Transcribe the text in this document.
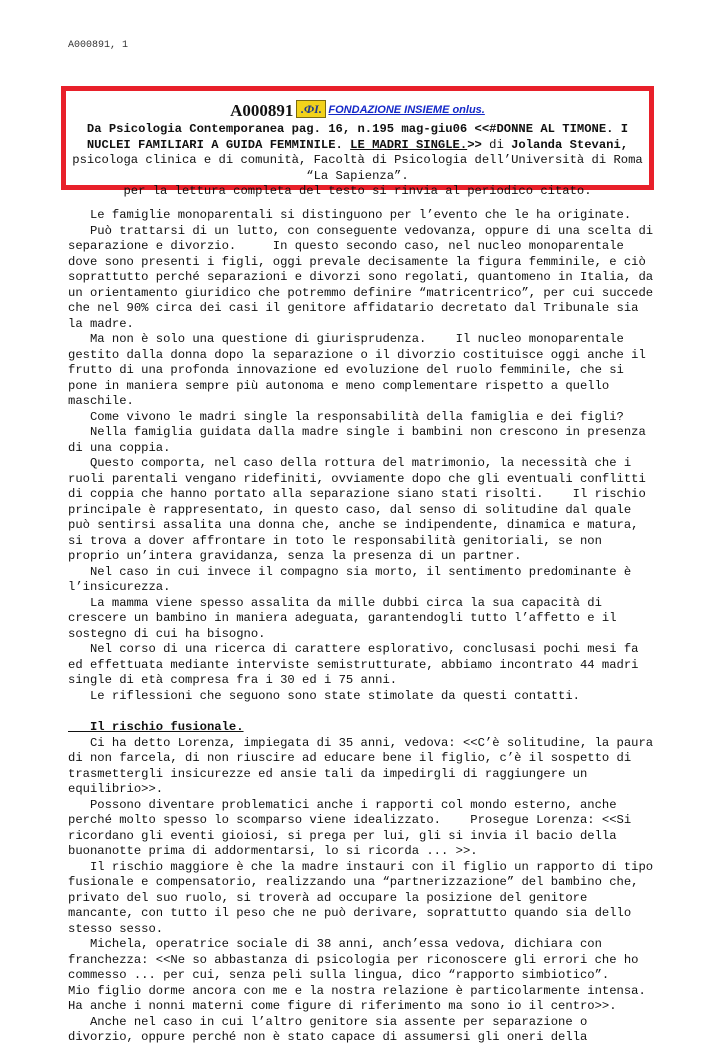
A000891, 1
A000891 .ФI. FONDAZIONE INSIEME onlus.
Da Psicologia Contemporanea pag. 16, n.195 mag-giu06 <<#DONNE AL TIMONE. I
NUCLEI FAMILIARI A GUIDA FEMMINILE. LE MADRI SINGLE.>> di Jolanda Stevani,
psicologa clinica e di comunità, Facoltà di Psicologia dell’Università di Roma
“La Sapienza”.
per la lettura completa del testo si rinvia al periodico citato.

Le famiglie monoparentali si distinguono per l’evento che le ha originate.
Può trattarsi di un lutto, con conseguente vedovanza, oppure di una scelta di
separazione e divorzio.     In questo secondo caso, nel nucleo monoparentale
dove sono presenti i figli, oggi prevale decisamente la figura femminile, e ciò
soprattutto perché separazioni e divorzi sono regolati, quantomeno in Italia, da
un orientamento giuridico che potremmo definire “matricentrico”, per cui succede
che nel 90% circa dei casi il genitore affidatario decretato dal Tribunale sia
la madre.

Ma non è solo una questione di giurisprudenza.    Il nucleo monoparentale
gestito dalla donna dopo la separazione o il divorzio costituisce oggi anche il
frutto di una profonda innovazione ed evoluzione del ruolo femminile, che si
pone in maniera sempre più autonoma e meno complementare rispetto a quello
maschile.

Come vivono le madri single la responsabilità della famiglia e dei figli?

Nella famiglia guidata dalla madre single i bambini non crescono in presenza
di una coppia.

Questo comporta, nel caso della rottura del matrimonio, la necessità che i
ruoli parentali vengano ridefiniti, ovviamente dopo che gli eventuali conflitti
di coppia che hanno portato alla separazione siano stati risolti.    Il rischio
principale è rappresentato, in questo caso, dal senso di solitudine dal quale
può sentirsi assalita una donna che, anche se indipendente, dinamica e matura,
si trova a dover affrontare in toto le responsabilità genitoriali, se non
proprio un’intera gravidanza, senza la presenza di un partner.

Nel caso in cui invece il compagno sia morto, il sentimento predominante è
l’insicurezza.

La mamma viene spesso assalita da mille dubbi circa la sua capacità di
crescere un bambino in maniera adeguata, garantendogli tutto l’affetto e il
sostegno di cui ha bisogno.

Nel corso di una ricerca di carattere esplorativo, conclusasi pochi mesi fa
ed effettuata mediante interviste semistrutturate, abbiamo incontrato 44 madri
single di età compresa fra i 30 ed i 75 anni.

Le riflessioni che seguono sono state stimolate da questi contatti.

Il rischio fusionale.

Ci ha detto Lorenza, impiegata di 35 anni, vedova: <<C’è solitudine, la paura
di non farcela, di non riuscire ad educare bene il figlio, c’è il sospetto di
trasmettergli insicurezze ed ansie tali da impedirgli di raggiungere un
equilibrio>>.

Possono diventare problematici anche i rapporti col mondo esterno, anche
perché molto spesso lo scomparso viene idealizzato.    Prosegue Lorenza: <<Si
ricordano gli eventi gioiosi, si prega per lui, gli si invia il bacio della
buonanotte prima di addormentarsi, lo si ricorda ... >>.

Il rischio maggiore è che la madre instauri con il figlio un rapporto di tipo
fusionale e compensatorio, realizzando una “partnerizzazione” del bambino che,
privato del suo ruolo, si troverà ad occupare la posizione del genitore
mancante, con tutto il peso che ne può derivare, soprattutto quando sia dello
stesso sesso.

Michela, operatrice sociale di 38 anni, anch’essa vedova, dichiara con
franchezza: <<Ne so abbastanza di psicologia per riconoscere gli errori che ho
commesso ... per cui, senza peli sulla lingua, dico “rapporto simbiotico”.
Mio figlio dorme ancora con me e la nostra relazione è particolarmente intensa.
Ha anche i nonni materni come figure di riferimento ma sono io il centro>>.

Anche nel caso in cui l’altro genitore sia assente per separazione o
divorzio, oppure perché non è stato capace di assumersi gli oneri della
